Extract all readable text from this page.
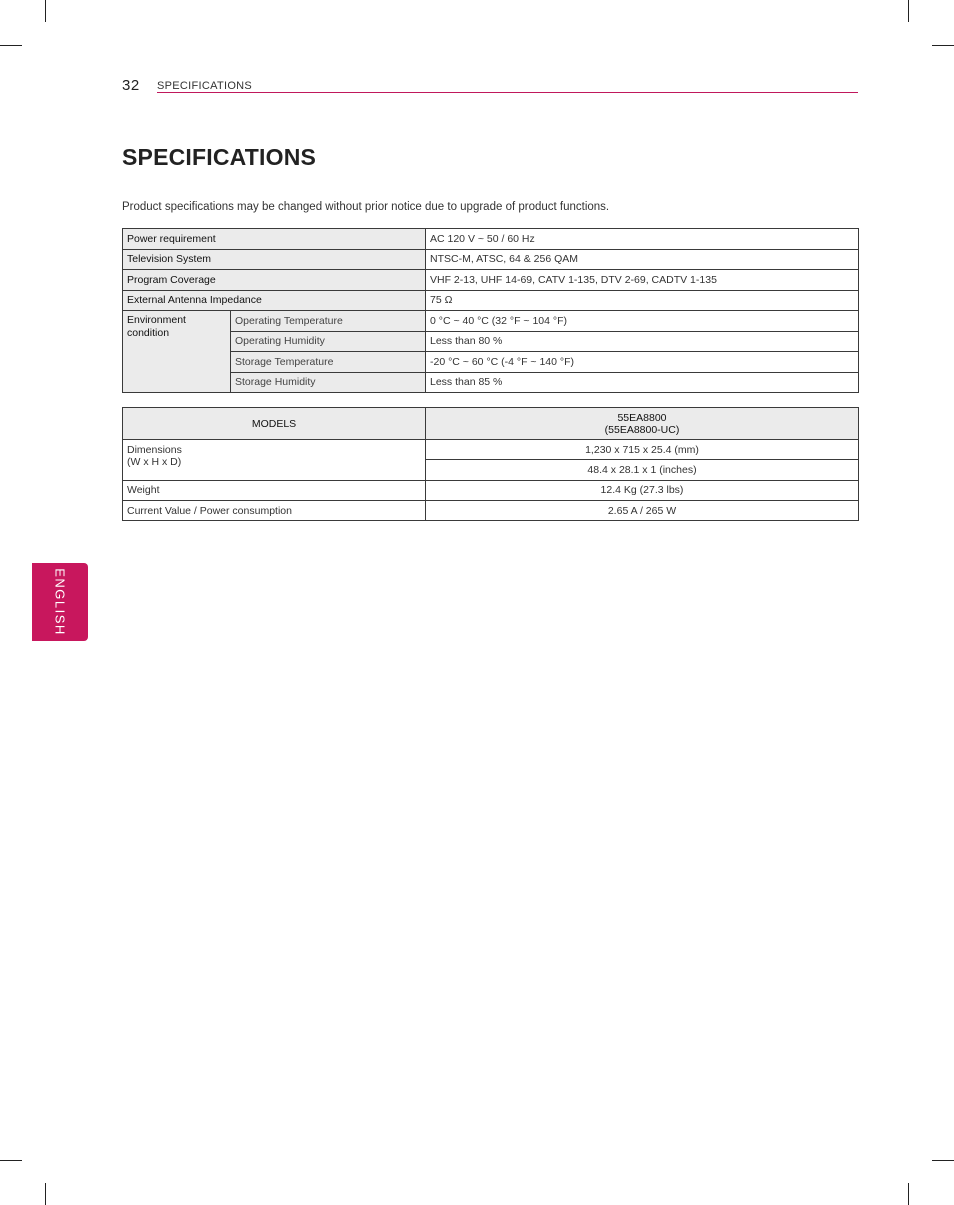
32 SPECIFICATIONS
SPECIFICATIONS

Product specifications may be changed without prior notice due to upgrade of product functions.

Power requirement		AC 120 V ~ 50 / 60 Hz
Television System		NTSC-M, ATSC, 64 & 256 QAM
Program Coverage		VHF 2-13, UHF 14-69, CATV 1-135, DTV 2-69, CADTV 1-135
External Antenna Impedance		75 Ω
Environment
condition	Operating Temperature	0 °C ~ 40 °C (32 °F ~ 104 °F)
	Operating Humidity	Less than 80 %
	Storage Temperature	-20 °C ~ 60 °C (-4 °F ~ 140 °F)
	Storage Humidity	Less than 85 %
MODELS	55EA8800
(55EA8800-UC)
Dimensions
(W x H x D)	1,230 x 715 x 25.4 (mm)
	48.4 x 28.1 x 1 (inches)
Weight	12.4 Kg (27.3 lbs)
Current Value / Power consumption	2.65 A / 265 W
ENGLISH
